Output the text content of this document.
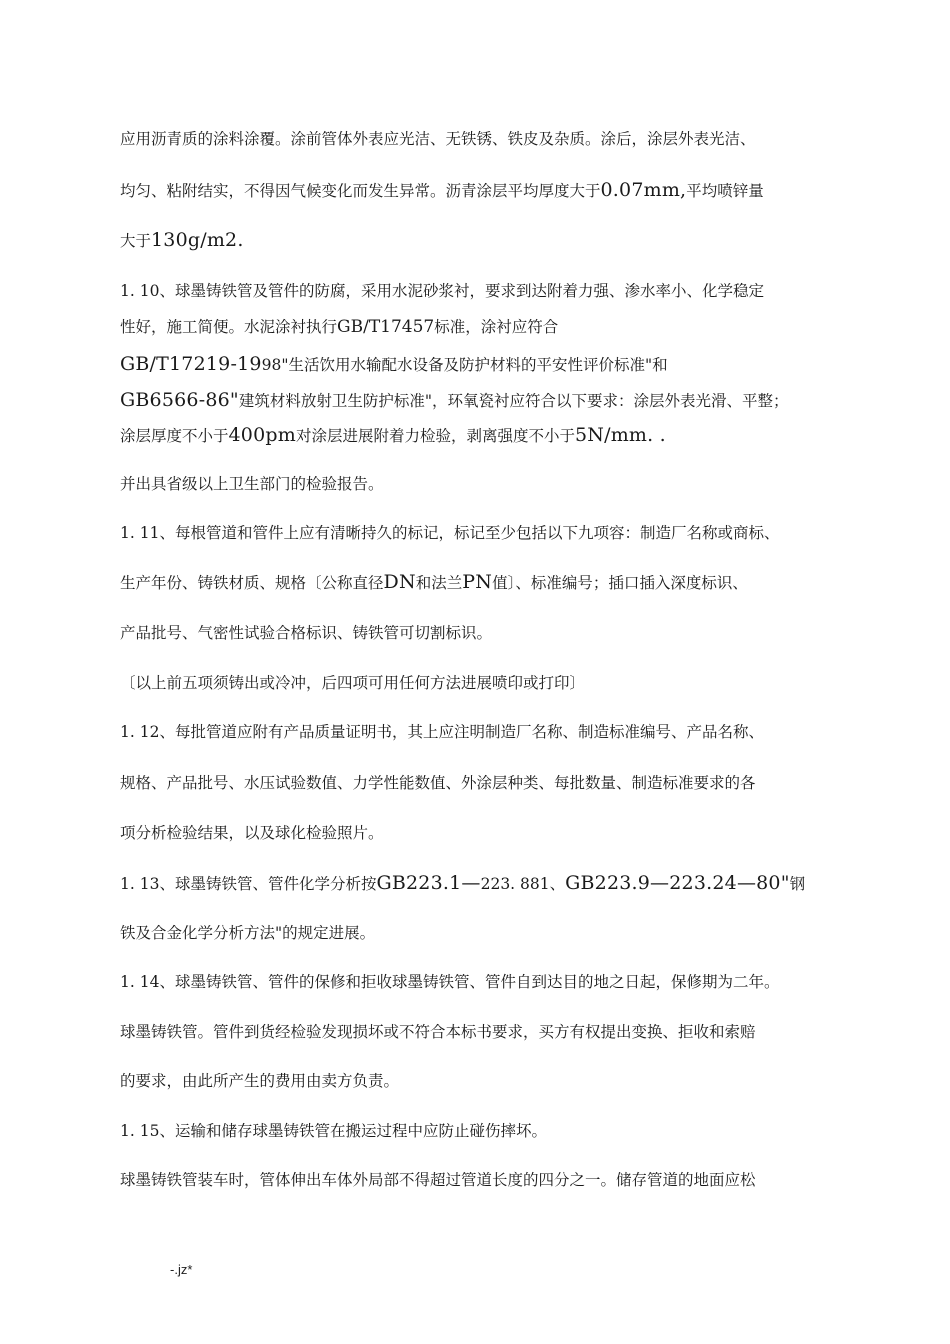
应用沥青质的涂料涂覆。涂前管体外表应光洁、无铁锈、铁皮及杂质。涂后，涂层外表光洁、
均匀、粘附结实，不得因气候变化而发生异常。沥青涂层平均厚度大于0.07mm,平均喷锌量
大于130g/m2.
1. 10、球墨铸铁管及管件的防腐，采用水泥砂浆衬，要求到达附着力强、渗水率小、化学稳定
性好，施工简便。水泥涂衬执行GB/T17457标准，涂衬应符合
GB/T17219-1998"生活饮用水输配水设备及防护材料的平安性评价标准"和
GB6566-86"建筑材料放射卫生防护标准"，环氧瓷衬应符合以下要求：涂层外表光滑、平整；
涂层厚度不小于400pm对涂层进展附着力检验，剥离强度不小于5N/mm. .
并出具省级以上卫生部门的检验报告。
1. 11、每根管道和管件上应有清晰持久的标记，标记至少包括以下九项容：制造厂名称或商标、
生产年份、铸铁材质、规格〔公称直径DN和法兰PN值〕、标准编号；插口插入深度标识、
产品批号、气密性试验合格标识、铸铁管可切割标识。
〔以上前五项须铸出或冷冲，后四项可用任何方法进展喷印或打印〕
1. 12、每批管道应附有产品质量证明书，其上应注明制造厂名称、制造标准编号、产品名称、
规格、产品批号、水压试验数值、力学性能数值、外涂层种类、每批数量、制造标准要求的各
项分析检验结果，以及球化检验照片。
1. 13、球墨铸铁管、管件化学分析按GB223.1—223. 881、GB223.9—223.24—80"钢
铁及合金化学分析方法"的规定进展。
1. 14、球墨铸铁管、管件的保修和拒收球墨铸铁管、管件自到达目的地之日起，保修期为二年。
球墨铸铁管。管件到货经检验发现损坏或不符合本标书要求，买方有权提出变换、拒收和索赔
的要求，由此所产生的费用由卖方负责。
1. 15、运输和储存球墨铸铁管在搬运过程中应防止碰伤摔坏。
球墨铸铁管装车时，管体伸出车体外局部不得超过管道长度的四分之一。储存管道的地面应松
-.jz*
